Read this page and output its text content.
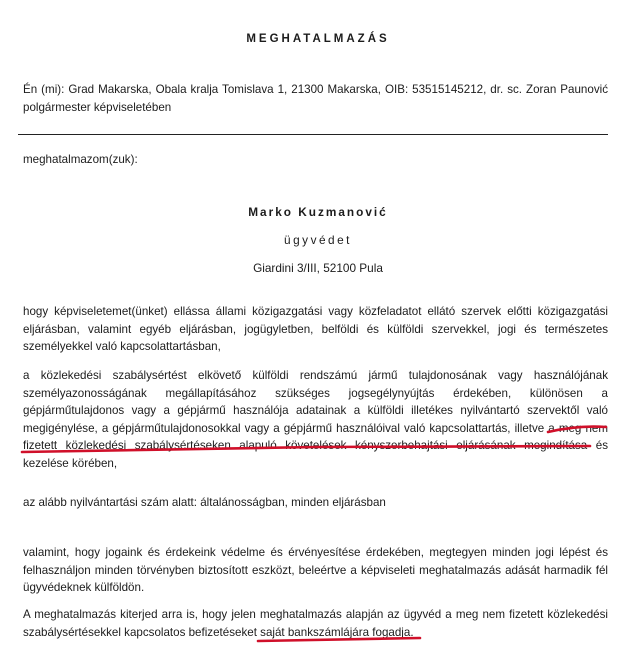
MEGHATALMAZÁS

Én (mi): Grad Makarska, Obala kralja Tomislava 1, 21300 Makarska, OIB: 53515145212, dr. sc. Zoran Paunović polgármester képviseletében

meghatalmazom(zuk):

Marko Kuzmanović
ügyvédet
Giardini 3/III, 52100 Pula

hogy képviseletemet(ünket) ellássa állami közigazgatási vagy közfeladatot ellátó szervek előtti közigazgatási eljárásban, valamint egyéb eljárásban, jogügyletben, belföldi és külföldi szervekkel, jogi és természetes személyekkel való kapcsolattartásban,

a közlekedési szabálysértést elkövető külföldi rendszámú jármű tulajdonosának vagy használójának személyazonosságának megállapításához szükséges jogsegélynyújtás érdekében, különösen a gépjárműtulajdonos vagy a gépjármű használója adatainak a külföldi illetékes nyilvántartó szervektől való megigénylése, a gépjárműtulajdonosokkal vagy a gépjármű használóival való kapcsolattartás, illetve a meg nem fizetett közlekedési szabálysértéseken alapuló követelések kényszerbehajtási eljárásának megindítása és kezelése körében,

az alább nyilvántartási szám alatt: általánosságban, minden eljárásban

valamint, hogy jogaink és érdekeink védelme és érvényesítése érdekében, megtegyen minden jogi lépést és felhasználjon minden törvényben biztosított eszközt, beleértve a képviseleti meghatalmazás adását harmadik fél ügyvédeknek külföldön.

A meghatalmazás kiterjed arra is, hogy jelen meghatalmazás alapján az ügyvéd a meg nem fizetett közlekedési szabálysértésekkel kapcsolatos befizetéseket saját bankszámlájára fogadja.
